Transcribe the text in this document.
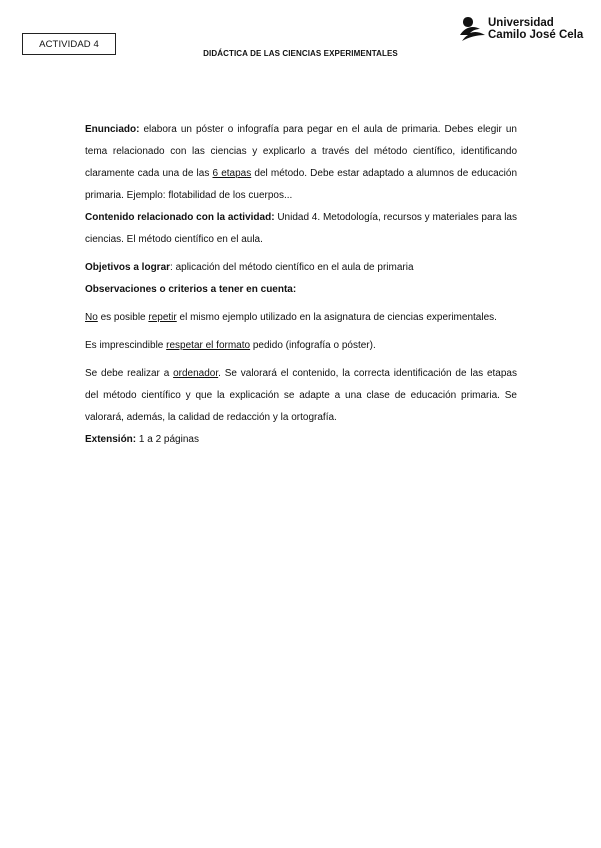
ACTIVIDAD 4
DIDÁCTICA DE LAS CIENCIAS EXPERIMENTALES
Universidad
Camilo José Cela

Enunciado: elabora un póster o infografía para pegar en el aula de primaria. Debes elegir un tema relacionado con las ciencias y explicarlo a través del método científico, identificando claramente cada una de las 6 etapas del método. Debe estar adaptado a alumnos de educación primaria. Ejemplo: flotabilidad de los cuerpos...

Contenido relacionado con la actividad: Unidad 4. Metodología, recursos y materiales para las ciencias. El método científico en el aula.

Objetivos a lograr: aplicación del método científico en el aula de primaria

Observaciones o criterios a tener en cuenta:

No es posible repetir el mismo ejemplo utilizado en la asignatura de ciencias experimentales.

Es imprescindible respetar el formato pedido (infografía o póster).

Se debe realizar a ordenador. Se valorará el contenido, la correcta identificación de las etapas del método científico y que la explicación se adapte a una clase de educación primaria. Se valorará, además, la calidad de redacción y la ortografía.

Extensión: 1 a 2 páginas
